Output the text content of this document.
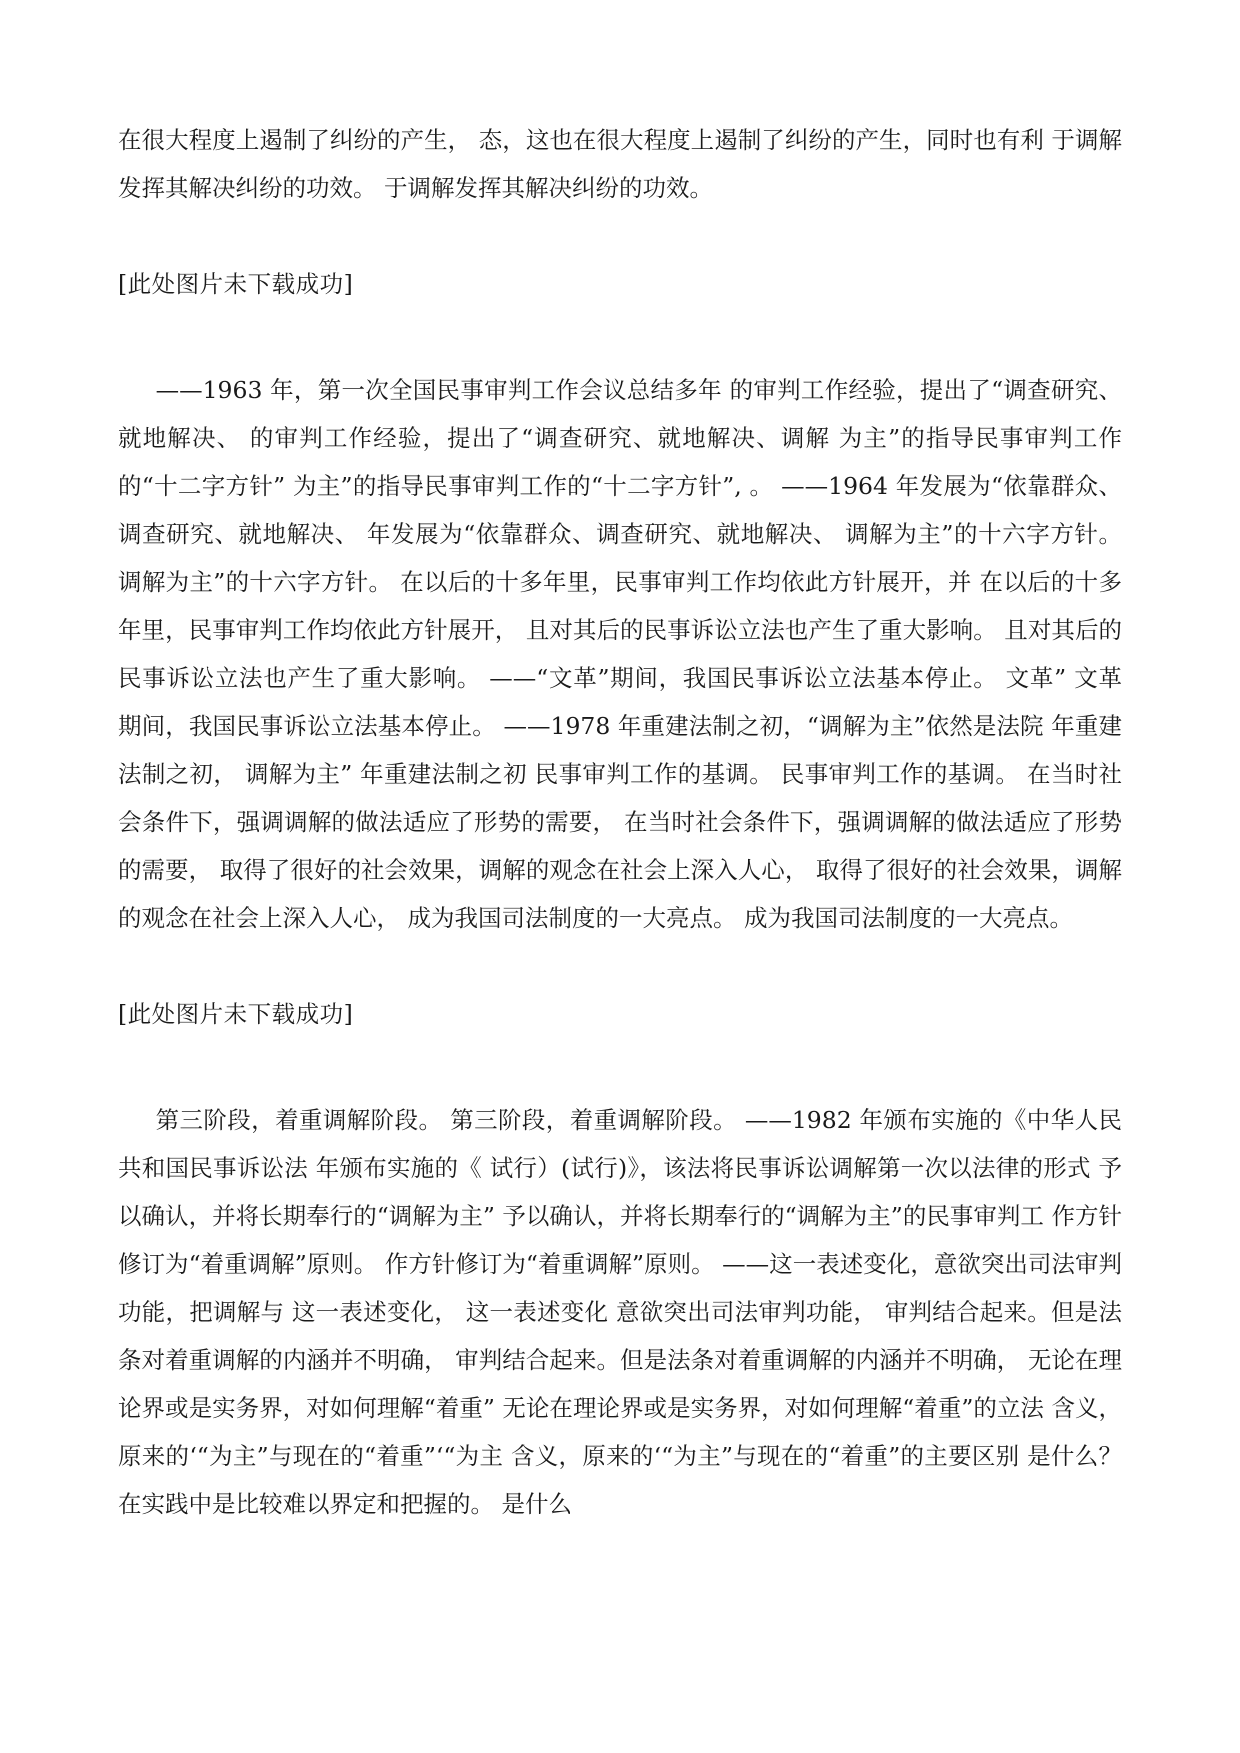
在很大程度上遏制了纠纷的产生， 态，这也在很大程度上遏制了纠纷的产生，同时也有利 于调解发挥其解决纠纷的功效。 于调解发挥其解决纠纷的功效。

[此处图片未下载成功]

——1963 年，第一次全国民事审判工作会议总结多年 的审判工作经验，提出了“调查研究、就地解决、 的审判工作经验，提出了“调查研究、就地解决、调解 为主”的指导民事审判工作的“十二字方针” 为主”的指导民事审判工作的“十二字方针”, 。 ——1964 年发展为“依靠群众、调查研究、就地解决、 年发展为“依靠群众、调查研究、就地解决、 调解为主”的十六字方针。 调解为主”的十六字方针。 在以后的十多年里，民事审判工作均依此方针展开，并 在以后的十多年里，民事审判工作均依此方针展开， 且对其后的民事诉讼立法也产生了重大影响。 且对其后的民事诉讼立法也产生了重大影响。 ——“文革”期间，我国民事诉讼立法基本停止。 文革” 文革 期间，我国民事诉讼立法基本停止。 ——1978 年重建法制之初，“调解为主”依然是法院 年重建法制之初， 调解为主” 年重建法制之初 民事审判工作的基调。 民事审判工作的基调。 在当时社会条件下，强调调解的做法适应了形势的需要， 在当时社会条件下，强调调解的做法适应了形势的需要， 取得了很好的社会效果，调解的观念在社会上深入人心， 取得了很好的社会效果，调解的观念在社会上深入人心， 成为我国司法制度的一大亮点。 成为我国司法制度的一大亮点。

[此处图片未下载成功]

第三阶段，着重调解阶段。 第三阶段，着重调解阶段。 ——1982 年颁布实施的《中华人民共和国民事诉讼法 年颁布实施的《 试行）(试行)》，该法将民事诉讼调解第一次以法律的形式 予以确认，并将长期奉行的“调解为主” 予以确认，并将长期奉行的“调解为主”的民事审判工 作方针修订为“着重调解”原则。 作方针修订为“着重调解”原则。 ——这一表述变化，意欲突出司法审判功能，把调解与 这一表述变化， 这一表述变化 意欲突出司法审判功能， 审判结合起来。但是法条对着重调解的内涵并不明确， 审判结合起来。但是法条对着重调解的内涵并不明确， 无论在理论界或是实务界，对如何理解“着重” 无论在理论界或是实务界，对如何理解“着重”的立法 含义，原来的‘“为主”与现在的“着重”‘“为主 含义，原来的‘“为主”与现在的“着重”的主要区别 是什么？在实践中是比较难以界定和把握的。 是什么
